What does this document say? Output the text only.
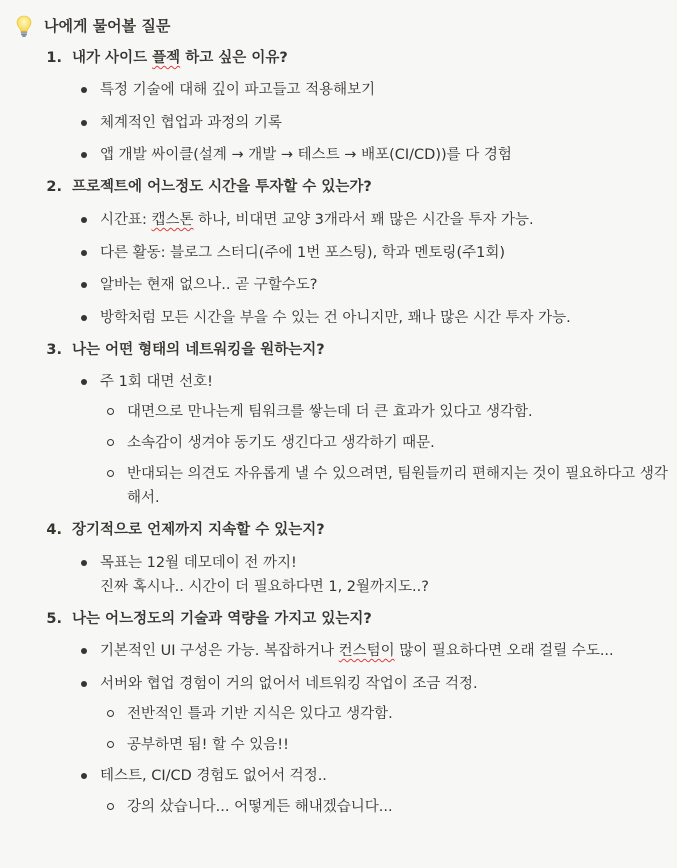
나에게 물어볼 질문
1. 내가 사이드 플젝 하고 싶은 이유?
특정 기술에 대해 깊이 파고들고 적용해보기
체계적인 협업과 과정의 기록
앱 개발 싸이클(설계 → 개발 → 테스트 → 배포(CI/CD))를 다 경험
2. 프로젝트에 어느정도 시간을 투자할 수 있는가?
시간표: 캡스톤 하나, 비대면 교양 3개라서 꽤 많은 시간을 투자 가능.
다른 활동: 블로그 스터디(주에 1번 포스팅), 학과 멘토링(주1회)
알바는 현재 없으나.. 곧 구할수도?
방학처럼 모든 시간을 부을 수 있는 건 아니지만, 꽤나 많은 시간 투자 가능.
3. 나는 어떤 형태의 네트워킹을 원하는지?
주 1회 대면 선호!
대면으로 만나는게 팀워크를 쌓는데 더 큰 효과가 있다고 생각함.
소속감이 생겨야 동기도 생긴다고 생각하기 때문.
반대되는 의견도 자유롭게 낼 수 있으려면, 팀원들끼리 편해지는 것이 필요하다고 생각
해서.
4. 장기적으로 언제까지 지속할 수 있는지?
목표는 12월 데모데이 전 까지!
진짜 혹시나.. 시간이 더 필요하다면 1, 2월까지도..?
5. 나는 어느정도의 기술과 역량을 가지고 있는지?
기본적인 UI 구성은 가능. 복잡하거나 컨스텀이 많이 필요하다면 오래 걸릴 수도...
서버와 협업 경험이 거의 없어서 네트워킹 작업이 조금 걱정.
전반적인 틀과 기반 지식은 있다고 생각함.
공부하면 됨! 할 수 있음!!
테스트, CI/CD 경험도 없어서 걱정..
강의 샀습니다... 어떻게든 해내겠습니다...
